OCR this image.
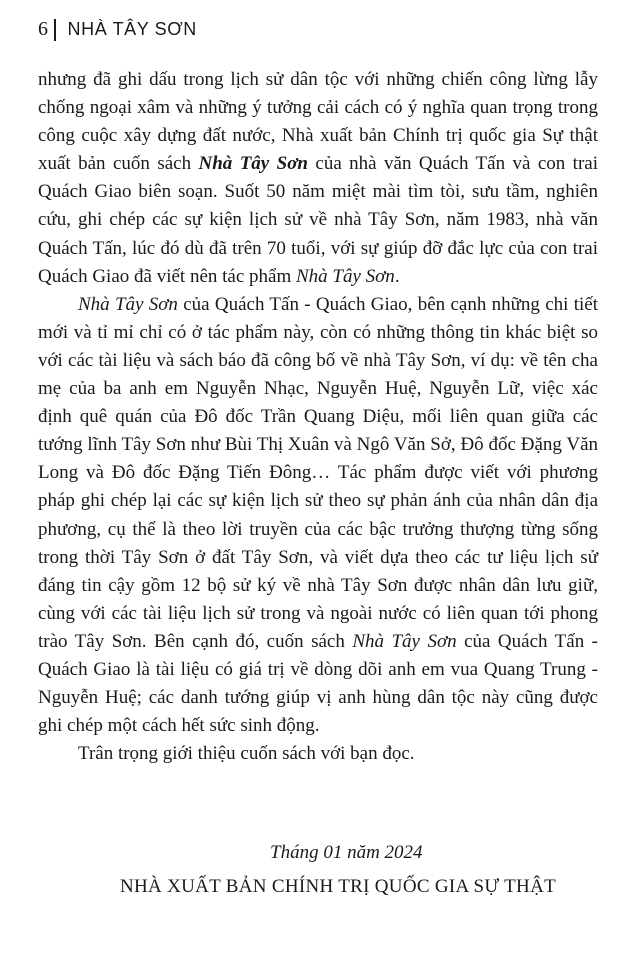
6 NHÀ TÂY SƠN

nhưng đã ghi dấu trong lịch sử dân tộc với những chiến công lừng lẫy chống ngoại xâm và những ý tưởng cải cách có ý nghĩa quan trọng trong công cuộc xây dựng đất nước, Nhà xuất bản Chính trị quốc gia Sự thật xuất bản cuốn sách Nhà Tây Sơn của nhà văn Quách Tấn và con trai Quách Giao biên soạn. Suốt 50 năm miệt mài tìm tòi, sưu tầm, nghiên cứu, ghi chép các sự kiện lịch sử về nhà Tây Sơn, năm 1983, nhà văn Quách Tấn, lúc đó dù đã trên 70 tuổi, với sự giúp đỡ đắc lực của con trai Quách Giao đã viết nên tác phẩm Nhà Tây Sơn.

Nhà Tây Sơn của Quách Tấn - Quách Giao, bên cạnh những chi tiết mới và tỉ mỉ chỉ có ở tác phẩm này, còn có những thông tin khác biệt so với các tài liệu và sách báo đã công bố về nhà Tây Sơn, ví dụ: về tên cha mẹ của ba anh em Nguyễn Nhạc, Nguyễn Huệ, Nguyễn Lữ, việc xác định quê quán của Đô đốc Trần Quang Diệu, mối liên quan giữa các tướng lĩnh Tây Sơn như Bùi Thị Xuân và Ngô Văn Sở, Đô đốc Đặng Văn Long và Đô đốc Đặng Tiến Đông… Tác phẩm được viết với phương pháp ghi chép lại các sự kiện lịch sử theo sự phản ánh của nhân dân địa phương, cụ thể là theo lời truyền của các bậc trưởng thượng từng sống trong thời Tây Sơn ở đất Tây Sơn, và viết dựa theo các tư liệu lịch sử đáng tin cậy gồm 12 bộ sử ký về nhà Tây Sơn được nhân dân lưu giữ, cùng với các tài liệu lịch sử trong và ngoài nước có liên quan tới phong trào Tây Sơn. Bên cạnh đó, cuốn sách Nhà Tây Sơn của Quách Tấn - Quách Giao là tài liệu có giá trị về dòng dõi anh em vua Quang Trung - Nguyễn Huệ; các danh tướng giúp vị anh hùng dân tộc này cũng được ghi chép một cách hết sức sinh động.

Trân trọng giới thiệu cuốn sách với bạn đọc.

Tháng 01 năm 2024
NHÀ XUẤT BẢN CHÍNH TRỊ QUỐC GIA SỰ THẬT
